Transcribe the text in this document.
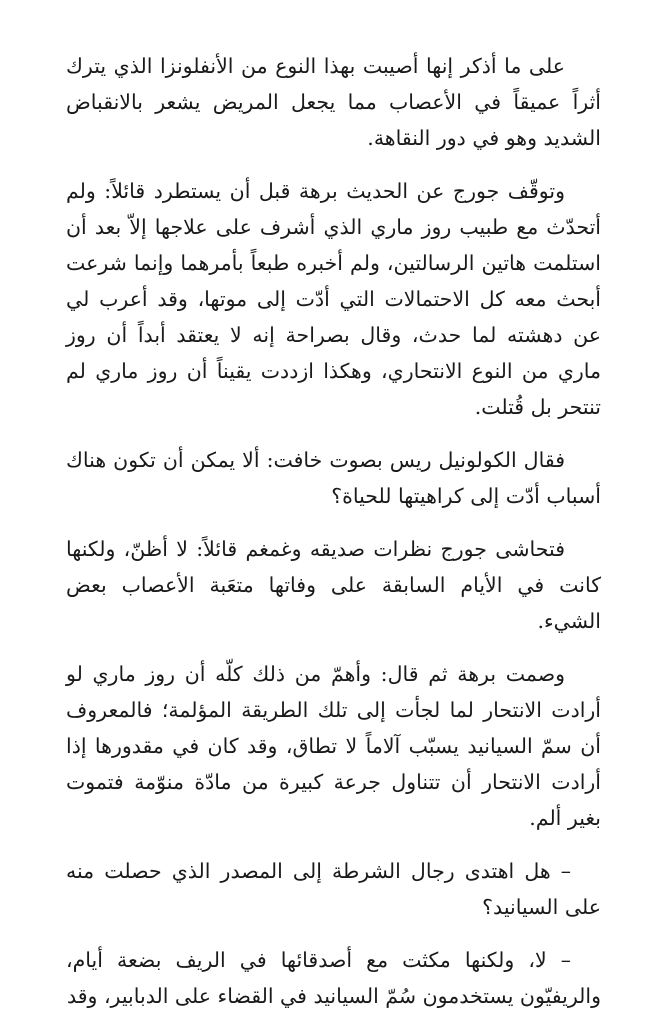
على ما أذكر إنها أصيبت بهذا النوع من الأنفلونزا الذي يترك أثراً عميقاً في الأعصاب مما يجعل المريض يشعر بالانقباض الشديد وهو في دور النقاهة.

وتوقّف جورج عن الحديث برهة قبل أن يستطرد قائلاً: ولم أتحدّث مع طبيب روز ماري الذي أشرف على علاجها إلاّ بعد أن استلمت هاتين الرسالتين، ولم أخبره طبعاً بأمرهما وإنما شرعت أبحث معه كل الاحتمالات التي أدّت إلى موتها، وقد أعرب لي عن دهشته لما حدث، وقال بصراحة إنه لا يعتقد أبداً أن روز ماري من النوع الانتحاري، وهكذا ازددت يقيناً أن روز ماري لم تنتحر بل قُتلت.

فقال الكولونيل ريس بصوت خافت: ألا يمكن أن تكون هناك أسباب أدّت إلى كراهيتها للحياة؟

فتحاشى جورج نظرات صديقه وغمغم قائلاً: لا أظنّ، ولكنها كانت في الأيام السابقة على وفاتها متعَبة الأعصاب بعض الشيء.

وصمت برهة ثم قال: وأهمّ من ذلك كلّه أن روز ماري لو أرادت الانتحار لما لجأت إلى تلك الطريقة المؤلمة؛ فالمعروف أن سمّ السيانيد يسبّب آلاماً لا تطاق، وقد كان في مقدورها إذا أرادت الانتحار أن تتناول جرعة كبيرة من مادّة منوّمة فتموت بغير ألم.

– هل اهتدى رجال الشرطة إلى المصدر الذي حصلت منه على السيانيد؟

– لا، ولكنها مكثت مع أصدقائها في الريف بضعة أيام، والريفيّون يستخدمون سُمّ السيانيد في القضاء على الدبابير، وقد
